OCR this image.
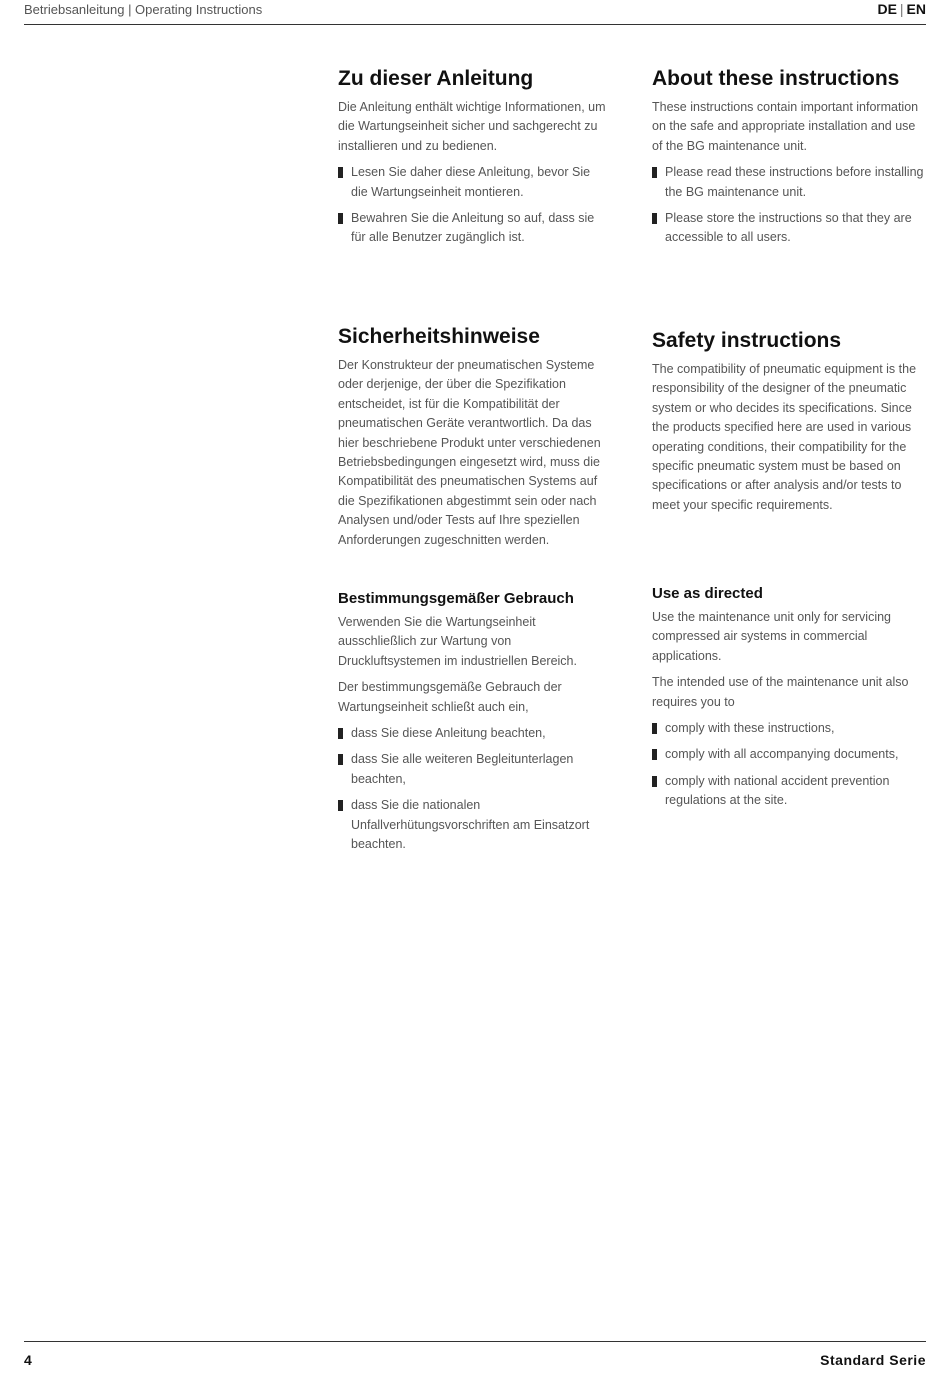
Betriebsanleitung | Operating Instructions	DE | EN
Zu dieser Anleitung

Die Anleitung enthält wichtige Informationen, um die Wartungseinheit sicher und sachgerecht zu installieren und zu bedienen.

Lesen Sie daher diese Anleitung, bevor Sie die Wartungseinheit montieren.
Bewahren Sie die Anleitung so auf, dass sie für alle Benutzer zugänglich ist.
About these instructions

These instructions contain important information on the safe and appropriate installation and use of the BG maintenance unit.

Please read these instructions before installing the BG maintenance unit.
Please store the instructions so that they are accessible to all users.
Sicherheitshinweise

Der Konstrukteur der pneumatischen Systeme oder derjenige, der über die Spezifikation entscheidet, ist für die Kompatibilität der pneumatischen Geräte verantwortlich. Da das hier beschriebene Produkt unter verschiedenen Betriebsbedingungen eingesetzt wird, muss die Kompatibilität des pneumatischen Systems auf die Spezifikationen abgestimmt sein oder nach Analysen und/oder Tests auf Ihre speziellen Anforderungen zugeschnitten werden.

Safety instructions

The compatibility of pneumatic equipment is the responsibility of the designer of the pneumatic system or who decides its specifications. Since the products specified here are used in various operating conditions, their compatibility for the specific pneumatic system must be based on specifications or after analysis and/or tests to meet your specific requirements.

Bestimmungsgemäßer Gebrauch

Verwenden Sie die Wartungseinheit ausschließlich zur Wartung von Druckluftsystemen im industriellen Bereich.

Der bestimmungsgemäße Gebrauch der Wartungseinheit schließt auch ein,

dass Sie diese Anleitung beachten,
dass Sie alle weiteren Begleitunterlagen beachten,
dass Sie die nationalen Unfallverhütungsvorschriften am Einsatzort beachten.
Use as directed

Use the maintenance unit only for servicing compressed air systems in commercial applications.

The intended use of the maintenance unit also requires you to

comply with these instructions,
comply with all accompanying documents,
comply with national accident prevention regulations at the site.
4	Standard Serie
